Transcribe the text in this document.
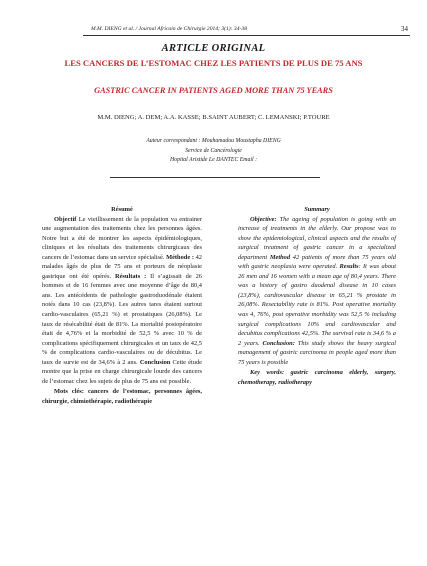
M.M. DIENG et al. / Journal Africain de Chirurgie 2014; 3(1): 34-38	34
ARTICLE ORIGINAL
LES CANCERS DE L’ESTOMAC CHEZ LES PATIENTS DE PLUS DE 75 ANS
GASTRIC CANCER IN PATIENTS AGED MORE THAN 75 YEARS
M.M. DIENG; A. DEM; A.A. KASSE; B.SAINT AUBERT; C. LEMANSKI; P.TOURE
Auteur correspondant : Mouhamadou Moustapha DIENG
Service de Cancérologie
Hopital Aristide Le DANTEC Email :
Résumé

Objectif Le vieillissement de la population va entrainer une augmentation des traitements chez les personnes âgées. Notre but a été de montrer les aspects épidémiologiques, cliniques et les résultats des traitements chirurgicaux des cancers de l’estomac dans un service spécialisé. Méthode : 42 malades âgés de plus de 75 ans et porteurs de néoplasie gastrique ont été opérés. Résultats : Il s’agissait de 26 hommes et de 16 femmes avec une moyenne d’âge de 80,4 ans. Les antécédents de pathologie gastroduodénale étaient notés dans 10 cas (23,8%). Les autres tares étaient surtout cardio-vasculaires (65,21 %) et prostatiques (26,08%). Le taux de résécabilité était de 81%. La mortalité postopératoire était de 4,76% et la morbidité de 52,5 % avec 10 % de complications spécifiquement chirurgicales et un taux de 42,5 % de complications cardio-vasculaires ou de décubitus. Le taux de survie est de 34,6% à 2 ans. Conclusion Cette étude montre que la prise en charge chirurgicale lourde des cancers de l’estomac chez les sujets de plus de 75 ans est possible.

Mots clés: cancers de l’estomac, personnes âgées, chirurgie, chimiothérapie, radiothérapie
Summary

Objective: The ageing of population is going with an increase of treatments in the elderly. Our propose was to show the epidemiological, clinical aspects and the results of surgical treatment of gastric cancer in a specialized department Method 42 patients of more than 75 years old with gastric neoplasia were operated. Results: It was about 26 men and 16 women with a mean age of 80,4 years. There was a history of gastro duodenal disease in 10 cases (23,8%), cardiovascular disease in 65,21 % prostate in 26,08%. Resectability rate is 81%. Post operative mortality was 4, 76%, post operative morbidity was 52,5 % including surgical complications 10% and cardiovascular and decubitus complications 42,5%. The survival rate is 34,6 % a 2 years. Conclusion: This study shows the heavy surgical management of gastric carcinoma in people aged more than 75 years is possible

Key words: gastric carcinoma elderly, surgery, chemotherapy, radiotherapy
